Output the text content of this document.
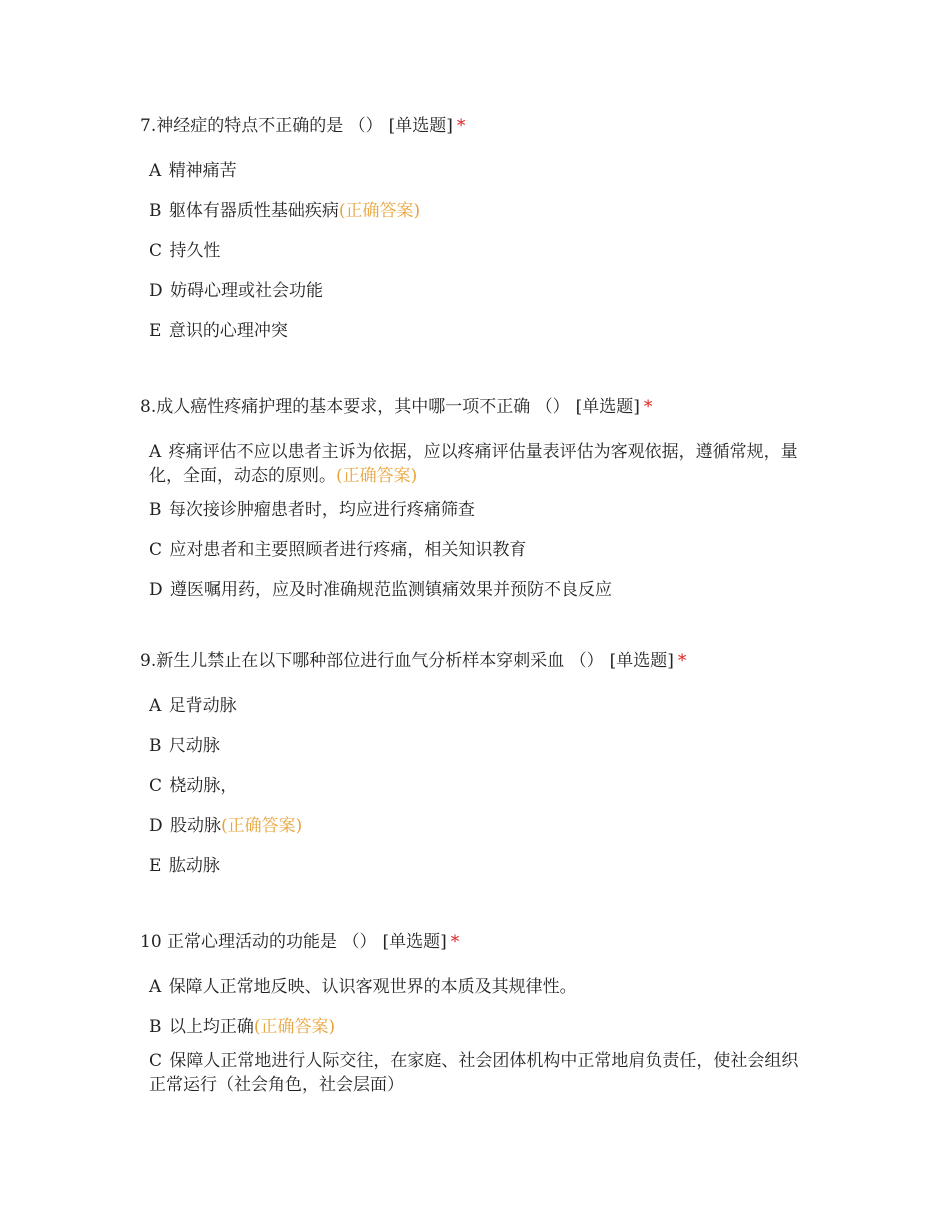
7.神经症的特点不正确的是 （） [单选题] *

A 精神痛苦
B 躯体有器质性基础疾病(正确答案)
C 持久性
D 妨碍心理或社会功能
E 意识的心理冲突

8.成人癌性疼痛护理的基本要求，其中哪一项不正确 （） [单选题] *

A 疼痛评估不应以患者主诉为依据，应以疼痛评估量表评估为客观依据，遵循常规，量化，全面，动态的原则。(正确答案)
B 每次接诊肿瘤患者时，均应进行疼痛筛查
C 应对患者和主要照顾者进行疼痛，相关知识教育
D 遵医嘱用药，应及时准确规范监测镇痛效果并预防不良反应

9.新生儿禁止在以下哪种部位进行血气分析样本穿刺采血 （） [单选题] *

A 足背动脉
B 尺动脉
C 桡动脉，
D 股动脉(正确答案)
E 肱动脉

10 正常心理活动的功能是 （） [单选题] *

A 保障人正常地反映、认识客观世界的本质及其规律性。
B 以上均正确(正确答案)
C 保障人正常地进行人际交往，在家庭、社会团体机构中正常地肩负责任，使社会组织正常运行（社会角色，社会层面）
